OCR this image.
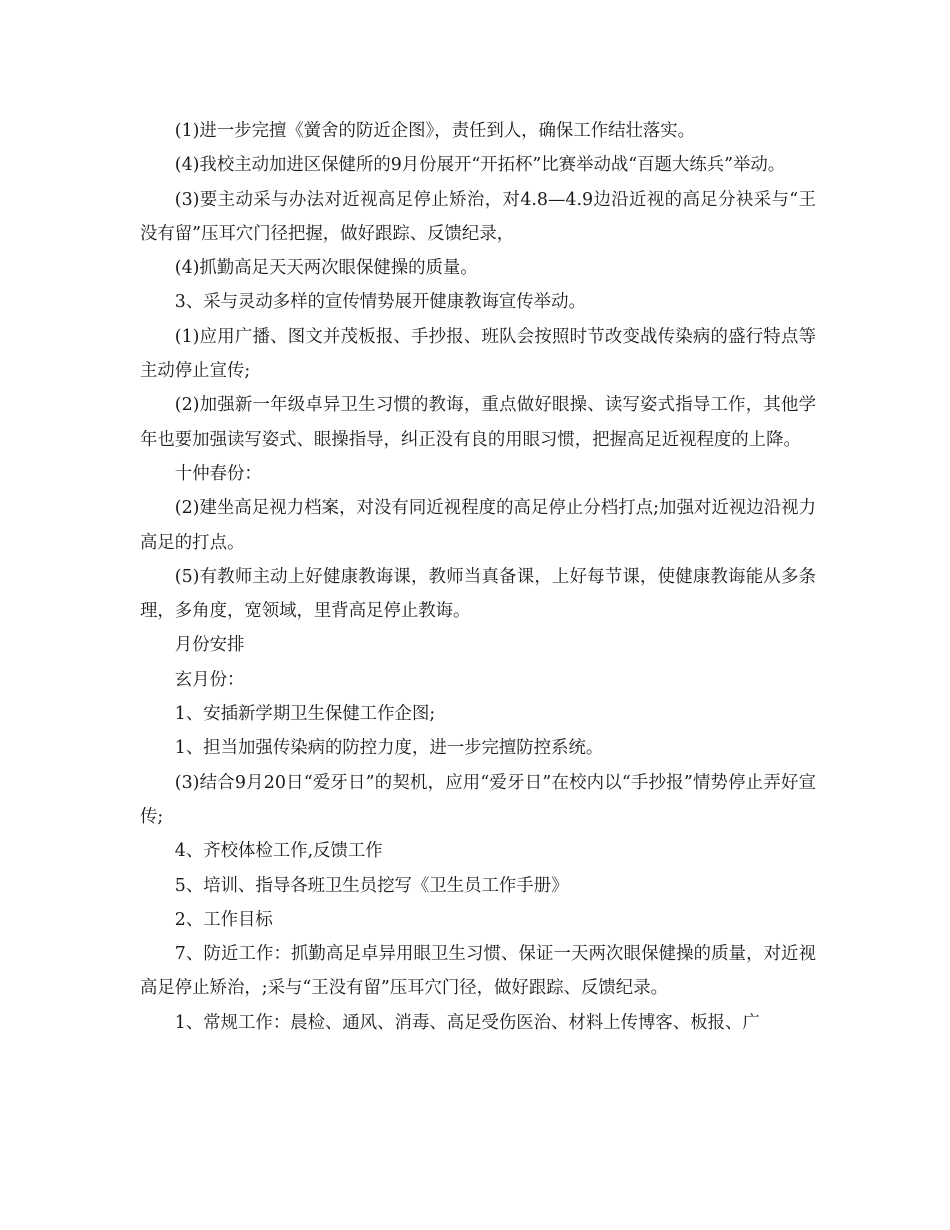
(1)进一步完擅《黉舍的防近企图》，责任到人，确保工作结壮落实。

(4)我校主动加进区保健所的9月份展开“开拓杯”比赛举动战“百题大练兵”举动。

(3)要主动采与办法对近视高足停止矫治，对4.8—4.9边沿近视的高足分袂采与“王没有留”压耳穴门径把握，做好跟踪、反馈纪录，

(4)抓勤高足天天两次眼保健操的质量。

3、采与灵动多样的宣传情势展开健康教诲宣传举动。

(1)应用广播、图文并茂板报、手抄报、班队会按照时节改变战传染病的盛行特点等主动停止宣传;

(2)加强新一年级卓异卫生习惯的教诲，重点做好眼操、读写姿式指导工作，其他学年也要加强读写姿式、眼操指导，纠正没有良的用眼习惯，把握高足近视程度的上降。

十仲春份：

(2)建坐高足视力档案，对没有同近视程度的高足停止分档打点;加强对近视边沿视力高足的打点。

(5)有教师主动上好健康教诲课，教师当真备课，上好每节课，使健康教诲能从多条理，多角度，宽领域，里背高足停止教诲。

月份安排

玄月份：

1、安插新学期卫生保健工作企图;

1、担当加强传染病的防控力度，进一步完擅防控系统。

(3)结合9月20日“爱牙日”的契机，应用“爱牙日”在校内以“手抄报”情势停止弄好宣传;

4、齐校体检工作,反馈工作

5、培训、指导各班卫生员挖写《卫生员工作手册》

2、工作目标

7、防近工作：抓勤高足卓异用眼卫生习惯、保证一天两次眼保健操的质量，对近视高足停止矫治，;采与“王没有留”压耳穴门径，做好跟踪、反馈纪录。

1、常规工作：晨检、通风、消毒、高足受伤医治、材料上传博客、板报、广
